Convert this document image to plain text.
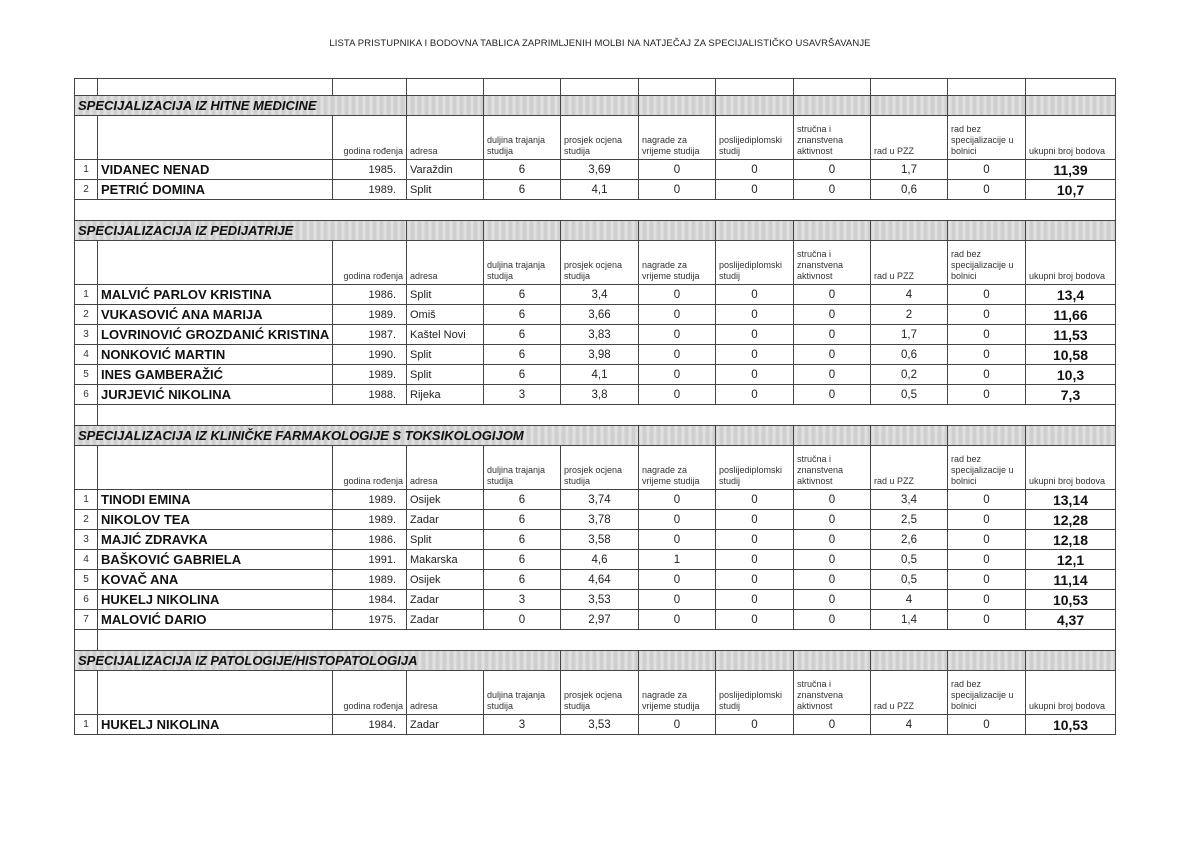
LISTA PRISTUPNIKA I BODOVNA TABLICA ZAPRIMLJENIH MOLBI NA NATJEČAJ ZA SPECIJALISTIČKO USAVRŠAVANJE

SPECIJALIZACIJA IZ HITNE MEDICINE											
		godina rođenja	adresa	duljina trajanja studija	prosjek ocjena studija	nagrade za vrijeme studija	poslijediplomski studij	stručna i znanstvena aktivnost	rad u PZZ	rad bez specijalizacije u bolnici	ukupni broj bodova
1	VIDANEC NENAD	1985.	Varaždin	6	3,69	0	0	0	1,7	0	11,39
2	PETRIĆ DOMINA	1989.	Split	6	4,1	0	0	0	0,6	0	10,7

SPECIJALIZACIJA IZ PEDIJATRIJE											
		godina rođenja	adresa	duljina trajanja studija	prosjek ocjena studija	nagrade za vrijeme studija	poslijediplomski studij	stručna i znanstvena aktivnost	rad u PZZ	rad bez specijalizacije u bolnici	ukupni broj bodova
1	MALVIĆ PARLOV KRISTINA	1986.	Split	6	3,4	0	0	0	4	0	13,4
2	VUKASOVIĆ ANA MARIJA	1989.	Omiš	6	3,66	0	0	0	2	0	11,66
3	LOVRINOVIĆ GROZDANIĆ KRISTINA	1987.	Kaštel Novi	6	3,83	0	0	0	1,7	0	11,53
4	NONKOVIĆ MARTIN	1990.	Split	6	3,98	0	0	0	0,6	0	10,58
5	INES GAMBERAŽIĆ	1989.	Split	6	4,1	0	0	0	0,2	0	10,3
6	JURJEVIĆ NIKOLINA	1988.	Rijeka	3	3,8	0	0	0	0,5	0	7,3

SPECIJALIZACIJA IZ KLINIČKE FARMAKOLOGIJE S TOKSIKOLOGIJOM											
		godina rođenja	adresa	duljina trajanja studija	prosjek ocjena studija	nagrade za vrijeme studija	poslijediplomski studij	stručna i znanstvena aktivnost	rad u PZZ	rad bez specijalizacije u bolnici	ukupni broj bodova
1	TINODI EMINA	1989.	Osijek	6	3,74	0	0	0	3,4	0	13,14
2	NIKOLOV TEA	1989.	Zadar	6	3,78	0	0	0	2,5	0	12,28
3	MAJIĆ ZDRAVKA	1986.	Split	6	3,58	0	0	0	2,6	0	12,18
4	BAŠKOVIĆ GABRIELA	1991.	Makarska	6	4,6	1	0	0	0,5	0	12,1
5	KOVAČ ANA	1989.	Osijek	6	4,64	0	0	0	0,5	0	11,14
6	HUKELJ NIKOLINA	1984.	Zadar	3	3,53	0	0	0	4	0	10,53
7	MALOVIĆ DARIO	1975.	Zadar	0	2,97	0	0	0	1,4	0	4,37

SPECIJALIZACIJA IZ PATOLOGIJE/HISTOPATOLOGIJA											
		godina rođenja	adresa	duljina trajanja studija	prosjek ocjena studija	nagrade za vrijeme studija	poslijediplomski studij	stručna i znanstvena aktivnost	rad u PZZ	rad bez specijalizacije u bolnici	ukupni broj bodova
1	HUKELJ NIKOLINA	1984.	Zadar	3	3,53	0	0	0	4	0	10,53
